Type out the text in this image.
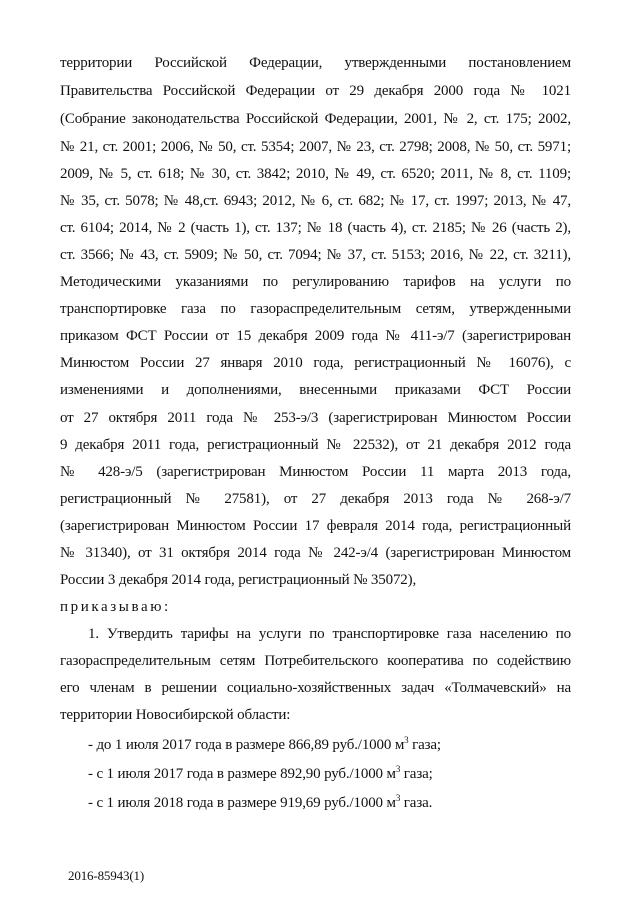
территории Российской Федерации, утвержденными постановлением
Правительства Российской Федерации от 29 декабря 2000 года № 1021
(Собрание законодательства Российской Федерации, 2001, № 2, ст. 175; 2002,
№ 21, ст. 2001; 2006, № 50, ст. 5354; 2007, № 23, ст. 2798; 2008, № 50, ст. 5971;
2009, № 5, ст. 618; № 30, ст. 3842; 2010, № 49, ст. 6520; 2011, № 8, ст. 1109;
№ 35, ст. 5078; № 48,ст. 6943; 2012, № 6, ст. 682; № 17, ст. 1997; 2013, № 47,
ст. 6104; 2014, № 2 (часть 1), ст. 137; № 18 (часть 4), ст. 2185; № 26 (часть 2),
ст. 3566; № 43, ст. 5909; № 50, ст. 7094; № 37, ст. 5153; 2016, № 22, ст. 3211),
Методическими указаниями по регулированию тарифов на услуги по
транспортировке газа по газораспределительным сетям, утвержденными
приказом ФСТ России от 15 декабря 2009 года № 411-э/7 (зарегистрирован
Минюстом России 27 января 2010 года, регистрационный № 16076), с
изменениями и дополнениями, внесенными приказами ФСТ России
от 27 октября 2011 года № 253-э/3 (зарегистрирован Минюстом России
9 декабря 2011 года, регистрационный № 22532), от 21 декабря 2012 года
№ 428-э/5 (зарегистрирован Минюстом России 11 марта 2013 года,
регистрационный № 27581), от 27 декабря 2013 года № 268-э/7
(зарегистрирован Минюстом России 17 февраля 2014 года, регистрационный
№ 31340), от 31 октября 2014 года № 242-э/4 (зарегистрирован Минюстом
России 3 декабря 2014 года, регистрационный № 35072),
приказываю:
1. Утвердить тарифы на услуги по транспортировке газа населению по
газораспределительным сетям Потребительского кооператива по содействию
его членам в решении социально-хозяйственных задач «Толмачевский» на
территории Новосибирской области:
- до 1 июля 2017 года в размере 866,89 руб./1000 $м^3$ газа;
- с 1 июля 2017 года в размере 892,90 руб./1000 $м^3$ газа;
- с 1 июля 2018 года в размере 919,69 руб./1000 $м^3$ газа.
2016-85943(1)
